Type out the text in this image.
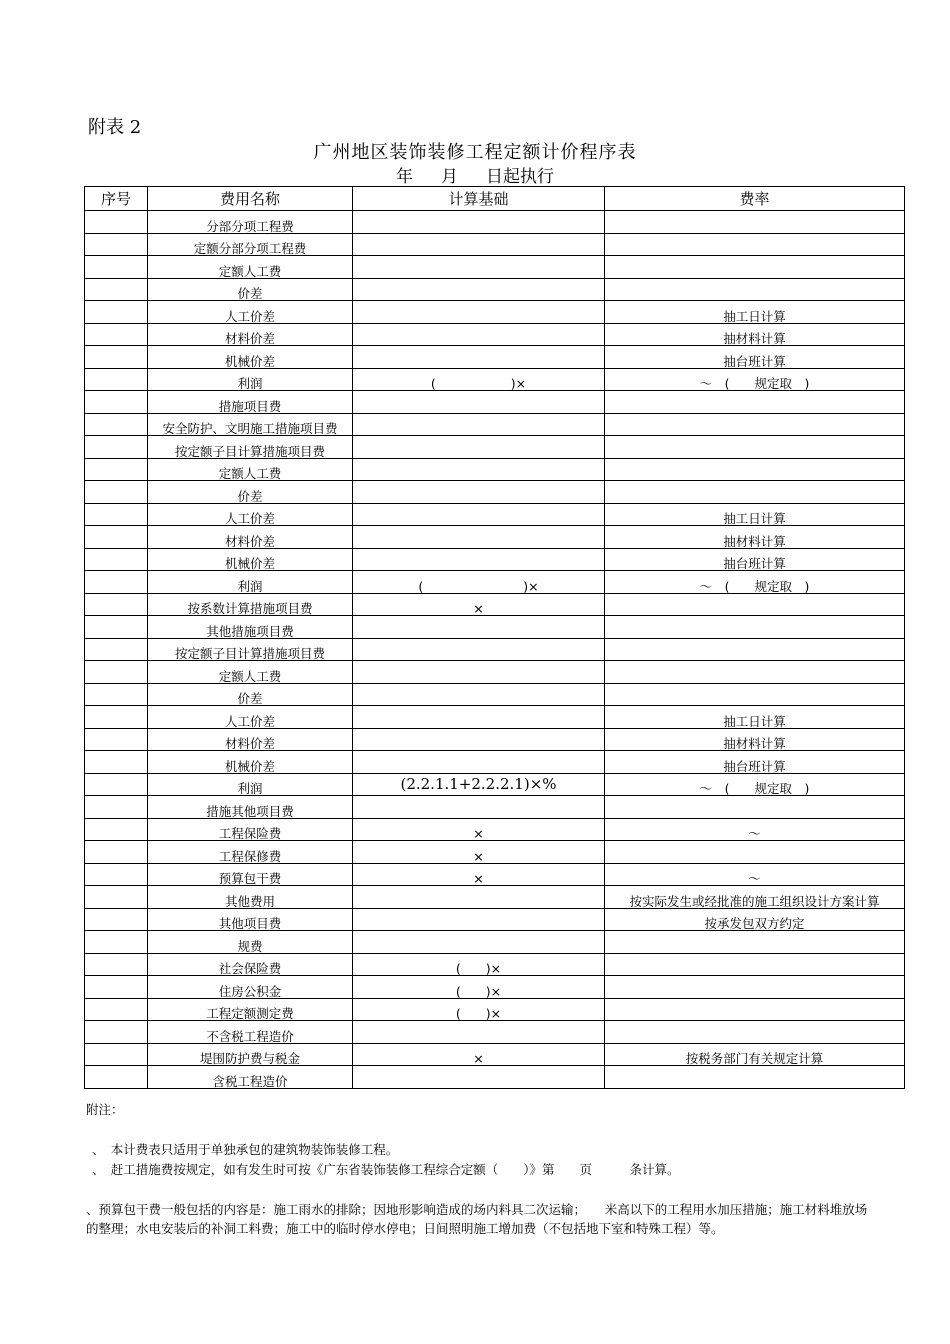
附表 2
广州地区装饰装修工程定额计价程序表
年 月 日起执行
序号	费用名称	计算基础	费率
	分部分项工程费		
	定额分部分项工程费		
	定额人工费		
	价差		
	人工价差		抽工日计算
	材料价差		抽材料计算
	机械价差		抽台班计算
	利润	(　　　　　　)×	～　(　　规定取　)
	措施项目费		
	安全防护、文明施工措施项目费		
	按定额子目计算措施项目费		
	定额人工费		
	价差		
	人工价差		抽工日计算
	材料价差		抽材料计算
	机械价差		抽台班计算
	利润	(　　　　　　　　)×	～　(　　规定取　)
	按系数计算措施项目费	×	
	其他措施项目费		
	按定额子目计算措施项目费		
	定额人工费		
	价差		
	人工价差		抽工日计算
	材料价差		抽材料计算
	机械价差		抽台班计算
	利润	(2.2.1.1+2.2.2.1)×%	～　(　　规定取　)
	措施其他项目费		
	工程保险费	×	～
	工程保修费	×	
	预算包干费	×	～
	其他费用		按实际发生或经批准的施工组织设计方案计算
	其他项目费		按承发包双方约定
	规费		
	社会保险费	(　　)×	
	住房公积金	(　　)×	
	工程定额测定费	(　　)×	
	不含税工程造价		
	堤围防护费与税金	×	按税务部门有关规定计算
	含税工程造价		
附注：
、　本计费表只适用于单独承包的建筑物装饰装修工程。
、　赶工措施费按规定，如有发生时可按《广东省装饰装修工程综合定额（　　）》第　　页　　　条计算。
、预算包干费一般包括的内容是：施工雨水的排除；因地形影响造成的场内料具二次运输；　　米高以下的工程用水加压措施；施工材料堆放场的整理；水电安装后的补洞工料费；施工中的临时停水停电；日间照明施工增加费（不包括地下室和特殊工程）等。
